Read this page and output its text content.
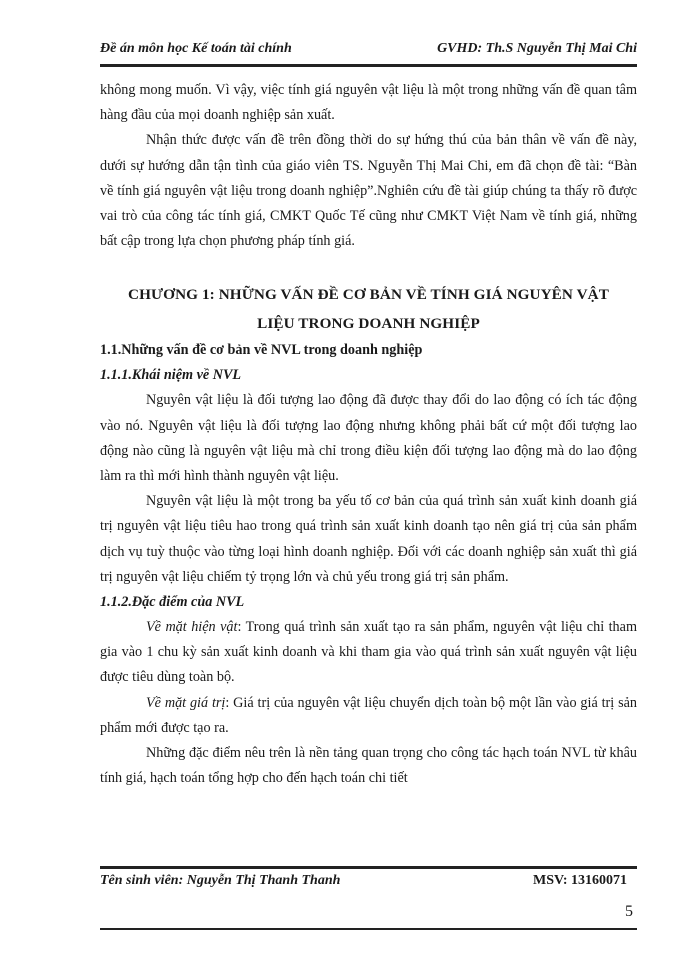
Đề án môn học Kế toán tài chính	GVHD: Th.S Nguyễn Thị Mai Chi

không mong muốn. Vì vậy, việc tính giá nguyên vật liệu là một trong những vấn đề quan tâm hàng đầu của mọi doanh nghiệp sản xuất.

Nhận thức được vấn đề trên đồng thời do sự hứng thú của bản thân về vấn đề này, dưới sự hướng dẫn tận tình của giáo viên TS. Nguyễn Thị Mai Chi, em đã chọn đề tài: “Bàn về tính giá nguyên vật liệu trong doanh nghiệp”.Nghiên cứu đề tài giúp chúng ta thấy rõ được vai trò của công tác tính giá, CMKT Quốc Tế cũng như CMKT Việt Nam về tính giá, những bất cập trong lựa chọn phương pháp tính giá.

CHƯƠNG 1: NHỮNG VẤN ĐỀ CƠ BẢN VỀ TÍNH GIÁ NGUYÊN VẬT
LIỆU TRONG DOANH NGHIỆP
1.1.Những vấn đề cơ bản về NVL trong doanh nghiệp
1.1.1.Khái niệm về NVL

Nguyên vật liệu là đối tượng lao động đã được thay đổi do lao động có ích tác động vào nó. Nguyên vật liệu là đối tượng lao động nhưng không phải bất cứ một đối tượng lao động nào cũng là nguyên vật liệu mà chỉ trong điều kiện đối tượng lao động mà do lao động làm ra thì mới hình thành nguyên vật liệu.

Nguyên vật liệu là một trong ba yếu tố cơ bản của quá trình sản xuất kinh doanh giá trị nguyên vật liệu tiêu hao trong quá trình sản xuất kinh doanh tạo nên giá trị của sản phẩm dịch vụ tuỳ thuộc vào từng loại hình doanh nghiệp. Đối với các doanh nghiệp sản xuất thì giá trị nguyên vật liệu chiếm tỷ trọng lớn và chủ yếu trong giá trị sản phẩm.

1.1.2.Đặc điểm của NVL

Về mặt hiện vật: Trong quá trình sản xuất tạo ra sản phẩm, nguyên vật liệu chỉ tham gia vào 1 chu kỳ sản xuất kinh doanh và khi tham gia vào quá trình sản xuất nguyên vật liệu được tiêu dùng toàn bộ.

Về mặt giá trị: Giá trị của nguyên vật liệu chuyển dịch toàn bộ một lần vào giá trị sản phẩm mới được tạo ra.

Những đặc điểm nêu trên là nền tảng quan trọng cho công tác hạch toán NVL từ khâu tính giá, hạch toán tổng hợp cho đến hạch toán chi tiết

Tên sinh viên: Nguyễn Thị Thanh Thanh	MSV: 13160071
5
